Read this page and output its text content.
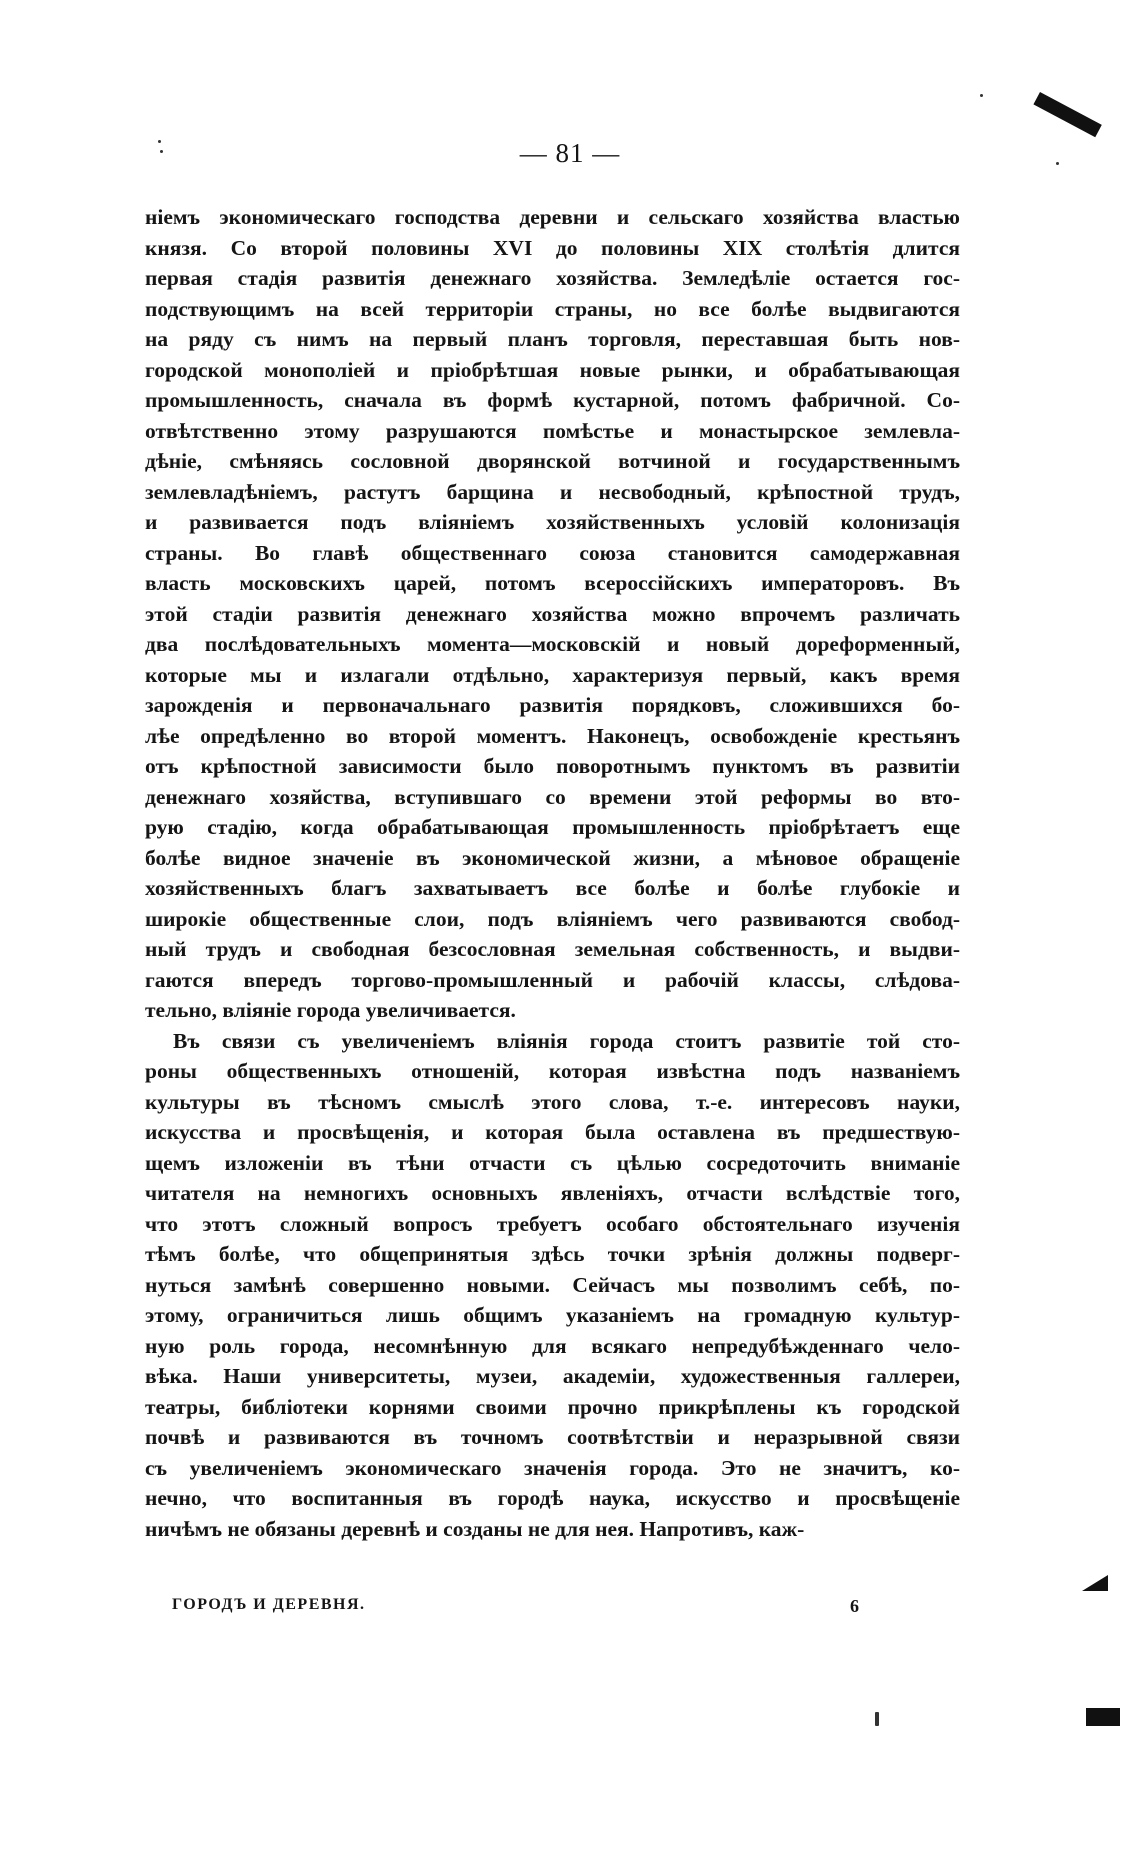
— 81 —
ніемъ экономическаго господства деревни и сельскаго хозяйства властью
князя. Со второй половины XVI до половины XIX столѣтія длится
первая стадія развитія денежнаго хозяйства. Земледѣліе остается гос-
подствующимъ на всей территоріи страны, но все болѣе выдвигаются
на ряду съ нимъ на первый планъ торговля, переставшая быть нов-
городской монополіей и пріобрѣтшая новые рынки, и обрабатывающая
промышленность, сначала въ формѣ кустарной, потомъ фабричной. Со-
отвѣтственно этому разрушаются помѣстье и монастырское землевла-
дѣніе, смѣняясь сословной дворянской вотчиной и государственнымъ
землевладѣніемъ, растутъ барщина и несвободный, крѣпостной трудъ,
и развивается подъ вліяніемъ хозяйственныхъ условій колонизація
страны. Во главѣ общественнаго союза становится самодержавная
власть московскихъ царей, потомъ всероссійскихъ императоровъ. Въ
этой стадіи развитія денежнаго хозяйства можно впрочемъ различать
два послѣдовательныхъ момента—московскій и новый дореформенный,
которые мы и излагали отдѣльно, характеризуя первый, какъ время
зарожденія и первоначальнаго развитія порядковъ, сложившихся бо-
лѣе опредѣленно во второй моментъ. Наконецъ, освобожденіе крестьянъ
отъ крѣпостной зависимости было поворотнымъ пунктомъ въ развитіи
денежнаго хозяйства, вступившаго со времени этой реформы во вто-
рую стадію, когда обрабатывающая промышленность пріобрѣтаетъ еще
болѣе видное значеніе въ экономической жизни, а мѣновое обращеніе
хозяйственныхъ благъ захватываетъ все болѣе и болѣе глубокіе и
широкіе общественные слои, подъ вліяніемъ чего развиваются свобод-
ный трудъ и свободная безсословная земельная собственность, и выдви-
гаются впередъ торгово-промышленный и рабочій классы, слѣдова-
тельно, вліяніе города увеличивается.
Въ связи съ увеличеніемъ вліянія города стоитъ развитіе той сто-
роны общественныхъ отношеній, которая извѣстна подъ названіемъ
культуры въ тѣсномъ смыслѣ этого слова, т.-е. интересовъ науки,
искусства и просвѣщенія, и которая была оставлена въ предшествую-
щемъ изложеніи въ тѣни отчасти съ цѣлью сосредоточить вниманіе
читателя на немногихъ основныхъ явленіяхъ, отчасти вслѣдствіе того,
что этотъ сложный вопросъ требуетъ особаго обстоятельнаго изученія
тѣмъ болѣе, что общепринятыя здѣсь точки зрѣнія должны подверг-
нуться замѣнѣ совершенно новыми. Сейчасъ мы позволимъ себѣ, по-
этому, ограничиться лишь общимъ указаніемъ на громадную культур-
ную роль города, несомнѣнную для всякаго непредубѣжденнаго чело-
вѣка. Наши университеты, музеи, академіи, художественныя галлереи,
театры, библіотеки корнями своими прочно прикрѣплены къ городской
почвѣ и развиваются въ точномъ соотвѣтствіи и неразрывной связи
съ увеличеніемъ экономическаго значенія города. Это не значитъ, ко-
нечно, что воспитанныя въ городѣ наука, искусство и просвѣщеніе
ничѣмъ не обязаны деревнѣ и созданы не для нея. Напротивъ, каж-
ГОРОДЪ И ДЕРЕВНЯ.	6
